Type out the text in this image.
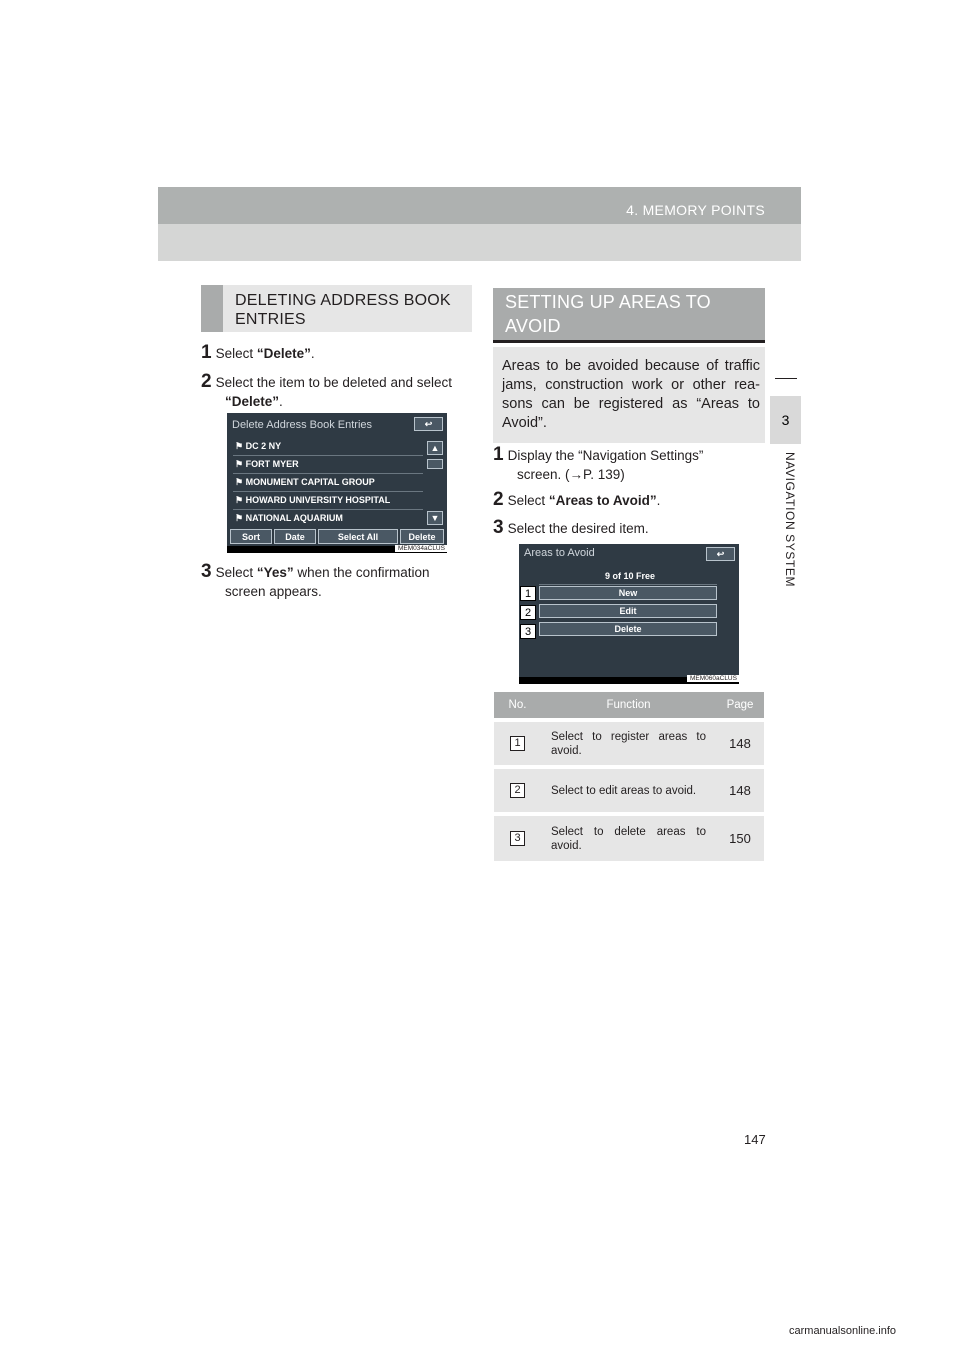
4. MEMORY POINTS
3
NAVIGATION SYSTEM
DELETING ADDRESS BOOK
ENTRIES
1 Select “Delete”.
2 Select the item to be deleted and select
“Delete”.
Delete Address Book Entries	↩
⚑ DC 2 NY
⚑ FORT MYER
⚑ MONUMENT CAPITAL GROUP
⚑ HOWARD UNIVERSITY HOSPITAL
⚑ NATIONAL AQUARIUM
▲
▼
Sort	Date	Select All	Delete
MEM034aCLUS
3 Select “Yes” when the confirmation
screen appears.
SETTING UP AREAS TO
AVOID
Areas to be avoided because of traffic jams, construction work or other rea-sons can be registered as “Areas to Avoid”.
1 Display the “Navigation Settings”
screen. (→P. 139)
2 Select “Areas to Avoid”.
3 Select the desired item.
Areas to Avoid	↩
9 of 10 Free
New
Edit
Delete
1
2
3
MEM060aCLUS
No.	Function	Page
1	Select to register areas to avoid.	148
2	Select to edit areas to avoid.	148
3	Select to delete areas to avoid.	150
147
carmanualsonline.info
